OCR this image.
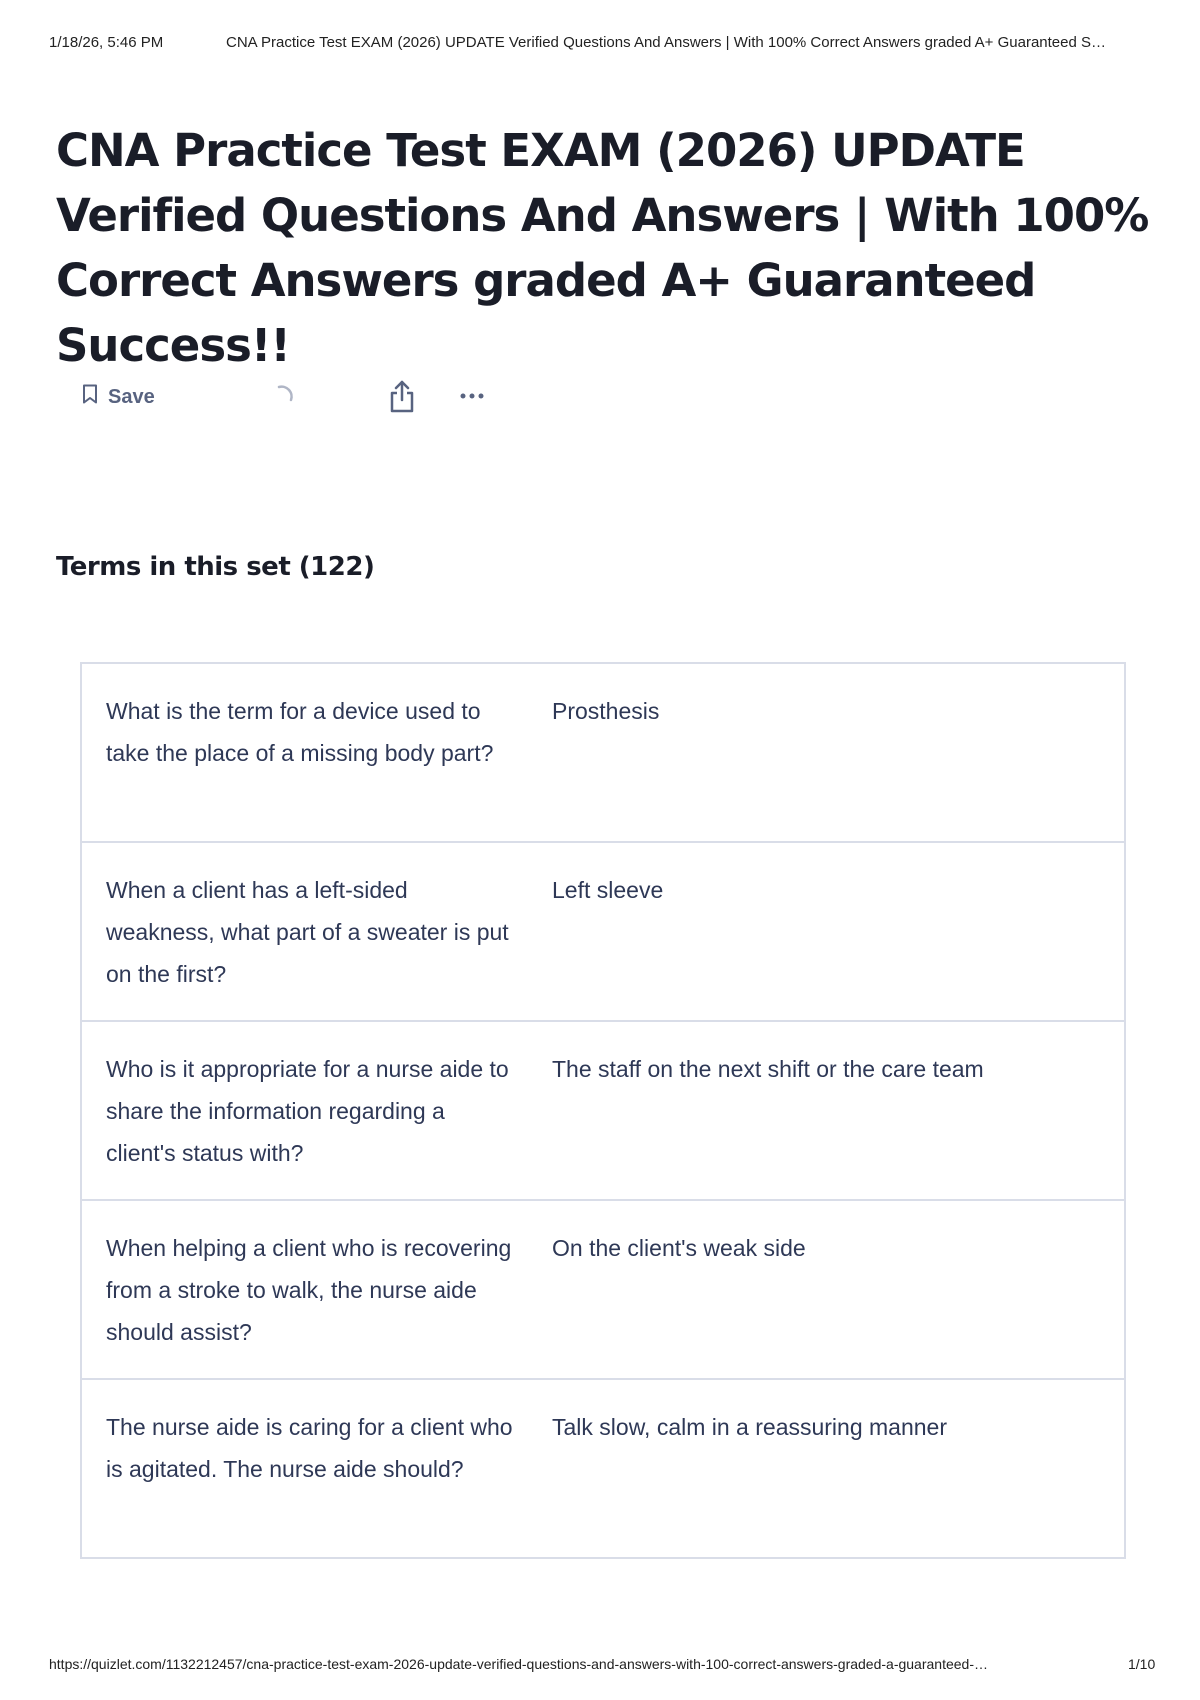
1/18/26, 5:46 PM	CNA Practice Test EXAM (2026) UPDATE Verified Questions And Answers | With 100% Correct Answers graded A+ Guaranteed S…
CNA Practice Test EXAM (2026) UPDATE Verified Questions And Answers | With 100% Correct Answers graded A+ Guaranteed Success!!
Save
Terms in this set (122)
What is the term for a device used to take the place of a missing body part?
Prosthesis
When a client has a left-sided weakness, what part of a sweater is put on the first?
Left sleeve
Who is it appropriate for a nurse aide to share the information regarding a client's status with?
The staff on the next shift or the care team
When helping a client who is recovering from a stroke to walk, the nurse aide should assist?
On the client's weak side
The nurse aide is caring for a client who is agitated. The nurse aide should?
Talk slow, calm in a reassuring manner
https://quizlet.com/1132212457/cna-practice-test-exam-2026-update-verified-questions-and-answers-with-100-correct-answers-graded-a-guaranteed-…	1/10
